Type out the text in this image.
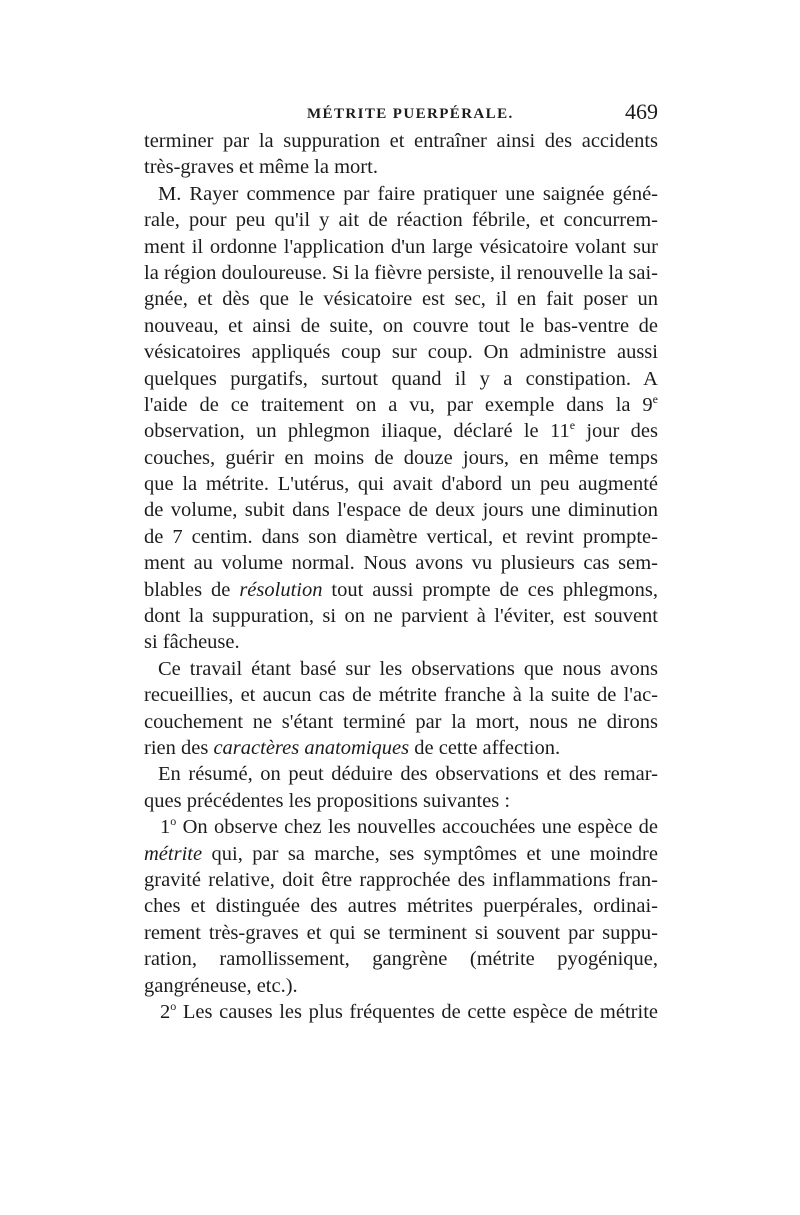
MÉTRITE PUERPÉRALE.	469
terminer par la suppuration et entraîner ainsi des accidents
très-graves et même la mort.
M. Rayer commence par faire pratiquer une saignée géné-
rale, pour peu qu'il y ait de réaction fébrile, et concurrem-
ment il ordonne l'application d'un large vésicatoire volant sur
la région douloureuse. Si la fièvre persiste, il renouvelle la sai-
gnée, et dès que le vésicatoire est sec, il en fait poser un
nouveau, et ainsi de suite, on couvre tout le bas-ventre de
vésicatoires appliqués coup sur coup. On administre aussi
quelques purgatifs, surtout quand il y a constipation. A
l'aide de ce traitement on a vu, par exemple dans la 9e
observation, un phlegmon iliaque, déclaré le 11e jour des
couches, guérir en moins de douze jours, en même temps
que la métrite. L'utérus, qui avait d'abord un peu augmenté
de volume, subit dans l'espace de deux jours une diminution
de 7 centim. dans son diamètre vertical, et revint prompte-
ment au volume normal. Nous avons vu plusieurs cas sem-
blables de résolution tout aussi prompte de ces phlegmons,
dont la suppuration, si on ne parvient à l'éviter, est souvent
si fâcheuse.
Ce travail étant basé sur les observations que nous avons
recueillies, et aucun cas de métrite franche à la suite de l'ac-
couchement ne s'étant terminé par la mort, nous ne dirons
rien des caractères anatomiques de cette affection.
En résumé, on peut déduire des observations et des remar-
ques précédentes les propositions suivantes :
1$^o$ On observe chez les nouvelles accouchées une espèce de
métrite qui, par sa marche, ses symptômes et une moindre
gravité relative, doit être rapprochée des inflammations fran-
ches et distinguée des autres métrites puerpérales, ordinai-
rement très-graves et qui se terminent si souvent par suppu-
ration, ramollissement, gangrène (métrite pyogénique,
gangréneuse, etc.).
2$^o$ Les causes les plus fréquentes de cette espèce de métrite
